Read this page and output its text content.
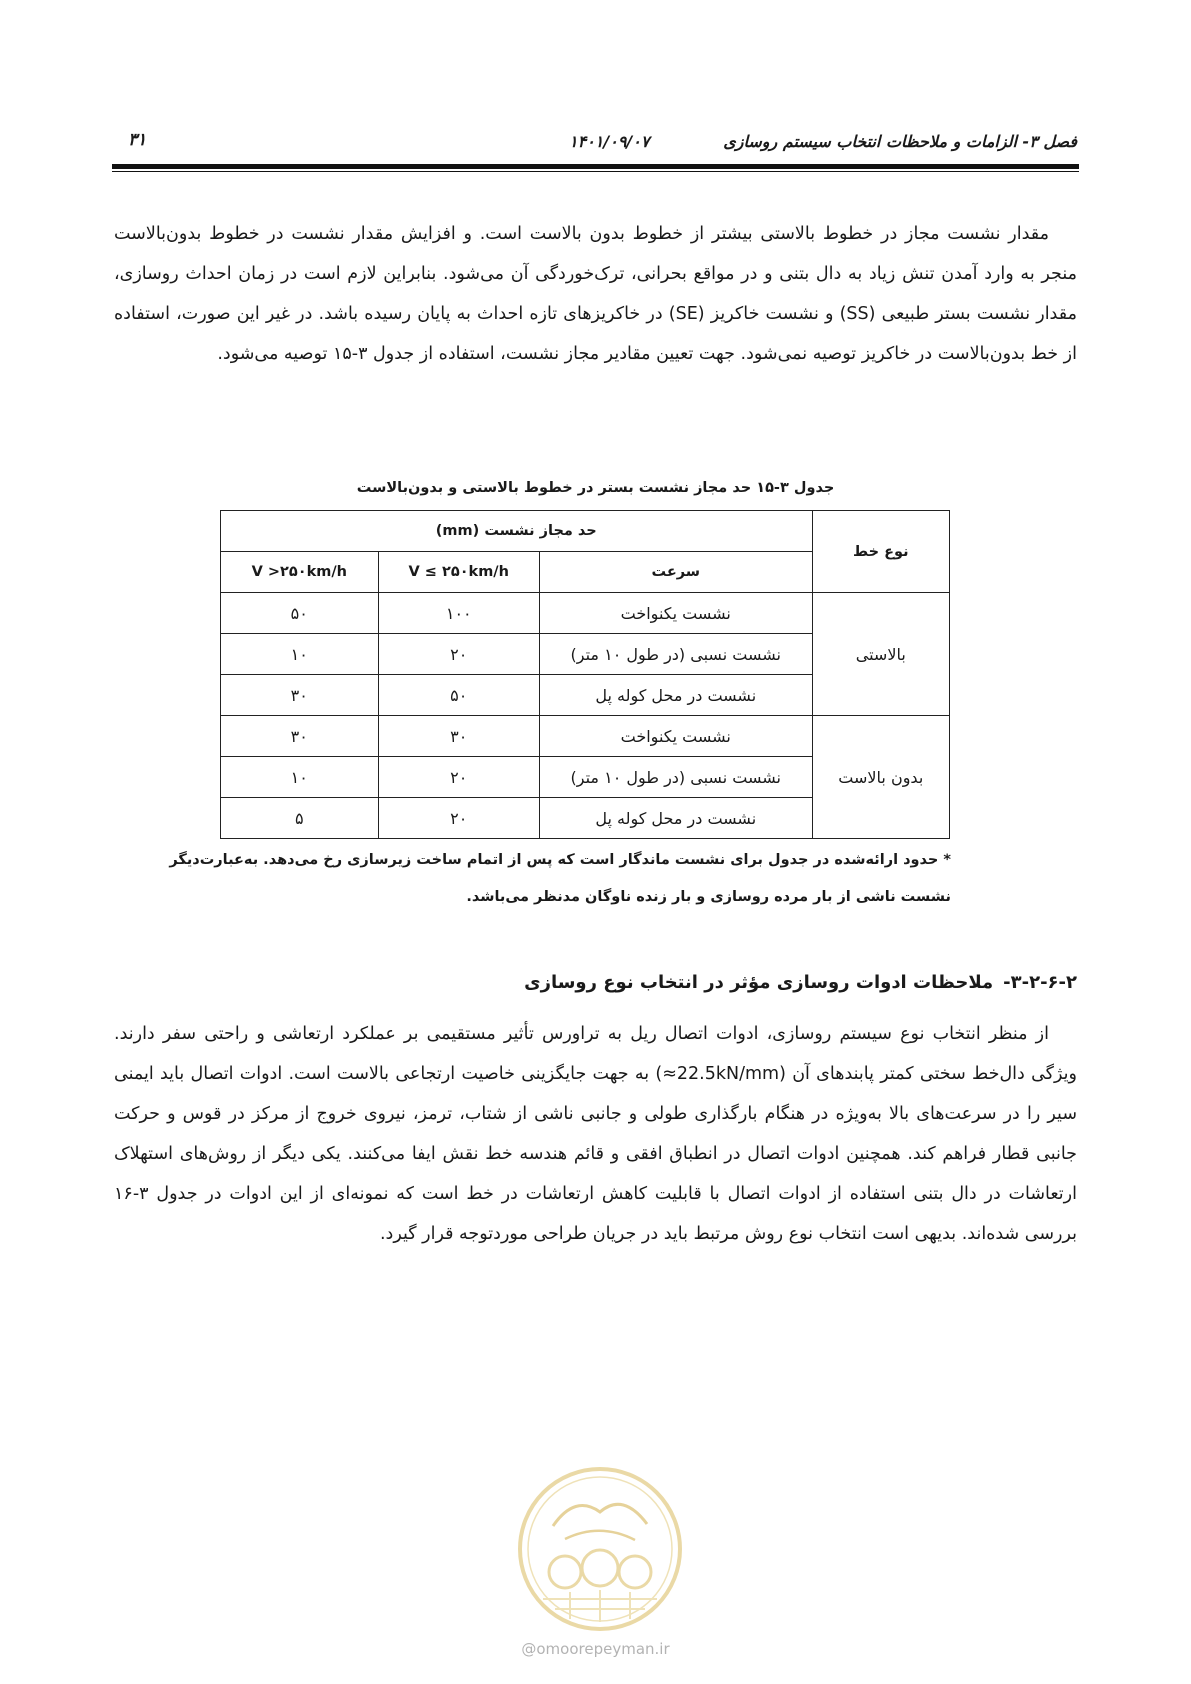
فصل ۳- الزامات و ملاحظات انتخاب سیستم روسازی
۱۴۰۱/۰۹/۰۷
۳۱

مقدار نشست مجاز در خطوط بالاستی بیشتر از خطوط بدون بالاست است. و افزایش مقدار نشست در خطوط بدون‌بالاست منجر به وارد آمدن تنش زیاد به دال بتنی و در مواقع بحرانی، ترک‌خوردگی آن می‌شود. بنابراین لازم است در زمان احداث روسازی، مقدار نشست بستر طبیعی (SS) و نشست خاکریز (SE) در خاکریزهای تازه احداث به پایان رسیده باشد. در غیر این صورت، استفاده از خط بدون‌بالاست در خاکریز توصیه نمی‌شود. جهت تعیین مقادیر مجاز نشست، استفاده از جدول ۳-۱۵ توصیه می‌شود.

جدول ۳-۱۵ حد مجاز نشست بستر در خطوط بالاستی و بدون‌بالاست
نوع خط	حد مجاز نشست (mm)		
	سرعت	V ≤ ۲۵۰km/h	V >۲۵۰km/h
بالاستی	نشست یکنواخت	۱۰۰	۵۰
	نشست نسبی (در طول ۱۰ متر)	۲۰	۱۰
	نشست در محل کوله پل	۵۰	۳۰
بدون بالاست	نشست یکنواخت	۳۰	۳۰
	نشست نسبی (در طول ۱۰ متر)	۲۰	۱۰
	نشست در محل کوله پل	۲۰	۵
* حدود ارائه‌شده در جدول برای نشست ماندگار است که پس از اتمام ساخت زیرسازی رخ می‌دهد. به‌عبارت‌دیگر
نشست ناشی از بار مرده روسازی و بار زنده ناوگان مدنظر می‌باشد.
۳-۲-۶-۲-ملاحظات ادوات روسازی مؤثر در انتخاب نوع روسازی

از منظر انتخاب نوع سیستم روسازی، ادوات اتصال ریل به تراورس تأثیر مستقیمی بر عملکرد ارتعاشی و راحتی سفر دارند. ویژگی دال‌خط سختی کمتر پابندهای آن (22.5kN/mm≈) به جهت جایگزینی خاصیت ارتجاعی بالاست است. ادوات اتصال باید ایمنی سیر را در سرعت‌های بالا به‌ویژه در هنگام بارگذاری طولی و جانبی ناشی از شتاب، ترمز، نیروی خروج از مرکز در قوس و حرکت جانبی قطار فراهم کند. همچنین ادوات اتصال در انطباق افقی و قائم هندسه خط نقش ایفا می‌کنند. یکی دیگر از روش‌های استهلاک ارتعاشات در دال بتنی استفاده از ادوات اتصال با قابلیت کاهش ارتعاشات در خط است که نمونه‌ای از این ادوات در جدول ۳-۱۶ بررسی شده‌اند. بدیهی است انتخاب نوع روش مرتبط باید در جریان طراحی موردتوجه قرار گیرد.

@omoorepeyman.ir
